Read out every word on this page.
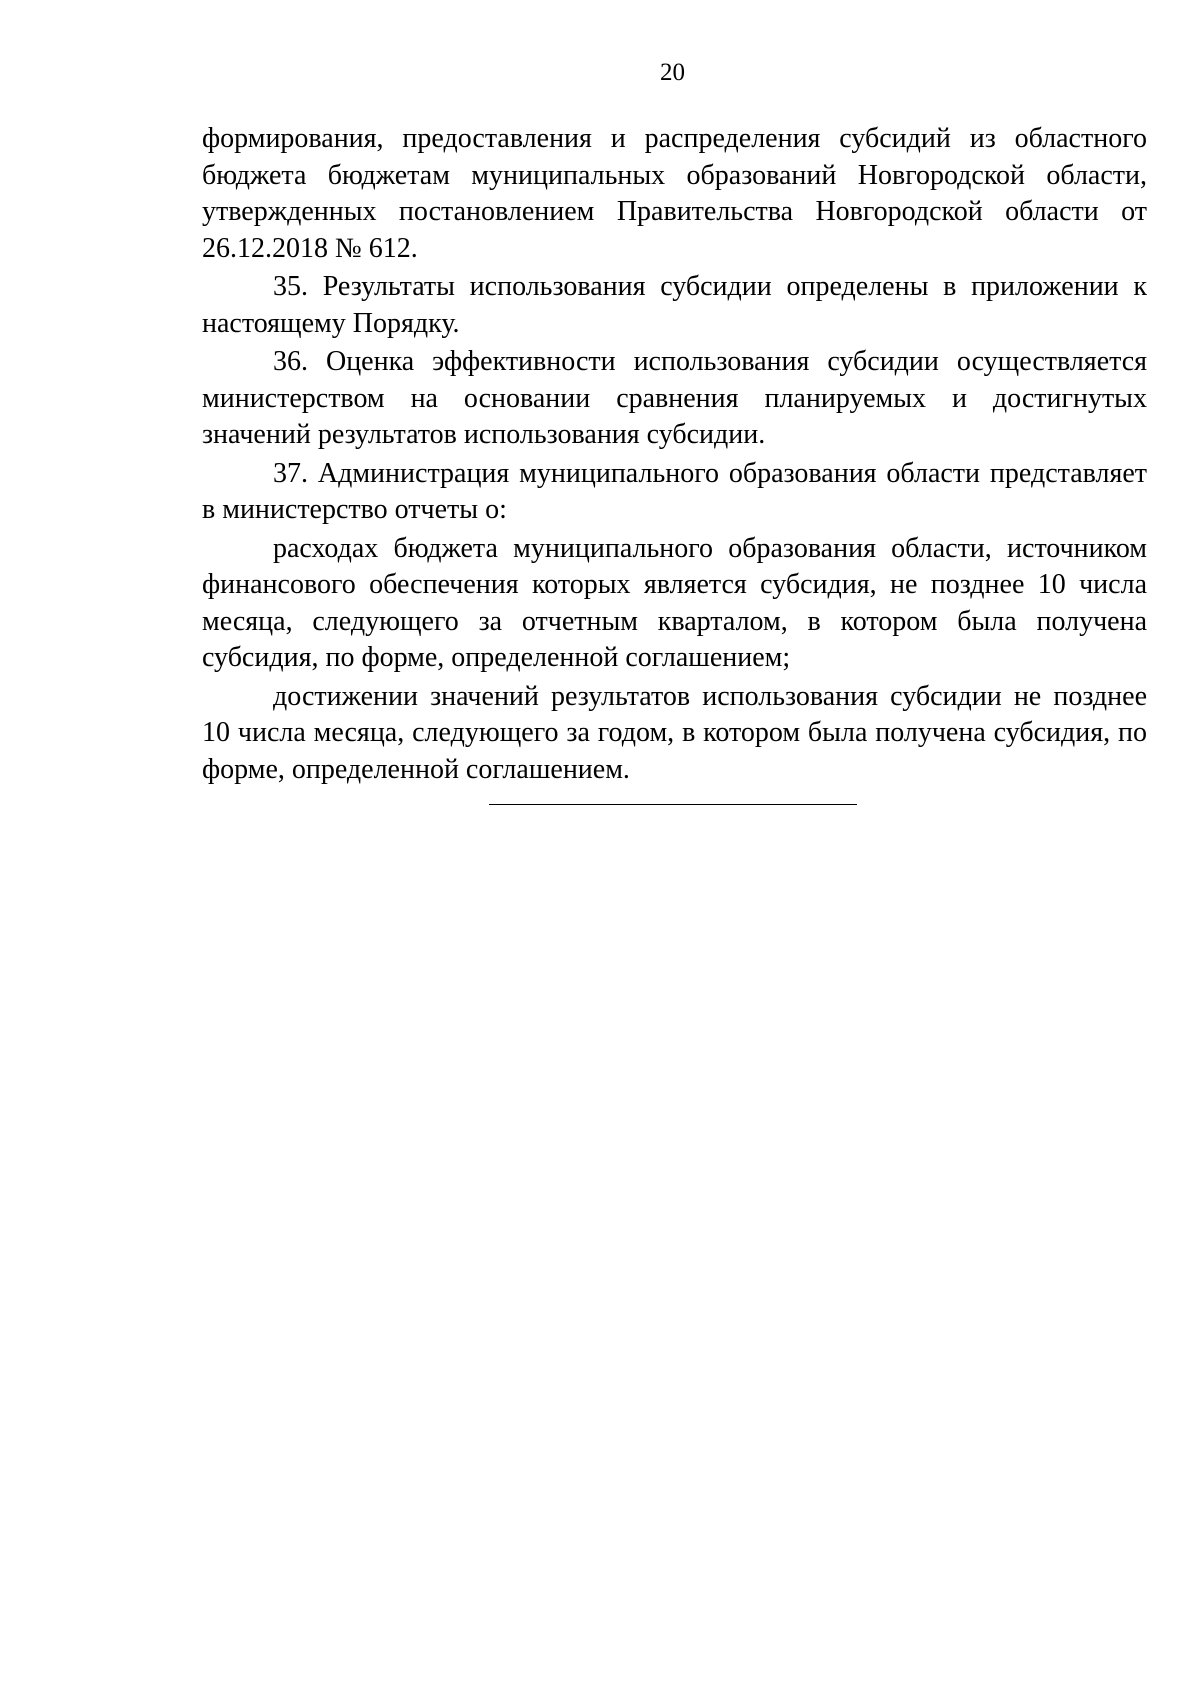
20

формирования, предоставления и распределения субсидий из областного бюджета бюджетам муниципальных образований Новгородской области, утвержденных постановлением Правительства Новгородской области от 26.12.2018 № 612.

35. Результаты использования субсидии определены в приложении к настоящему Порядку.

36. Оценка эффективности использования субсидии осуществляется министерством на основании сравнения планируемых и достигнутых значений результатов использования субсидии.

37. Администрация муниципального образования области представляет в министерство отчеты о:

расходах бюджета муниципального образования области, источником финансового обеспечения которых является субсидия, не позднее 10 числа месяца, следующего за отчетным кварталом, в котором была получена субсидия, по форме, определенной соглашением;

достижении значений результатов использования субсидии не позднее 10 числа месяца, следующего за годом, в котором была получена субсидия, по форме, определенной соглашением.
